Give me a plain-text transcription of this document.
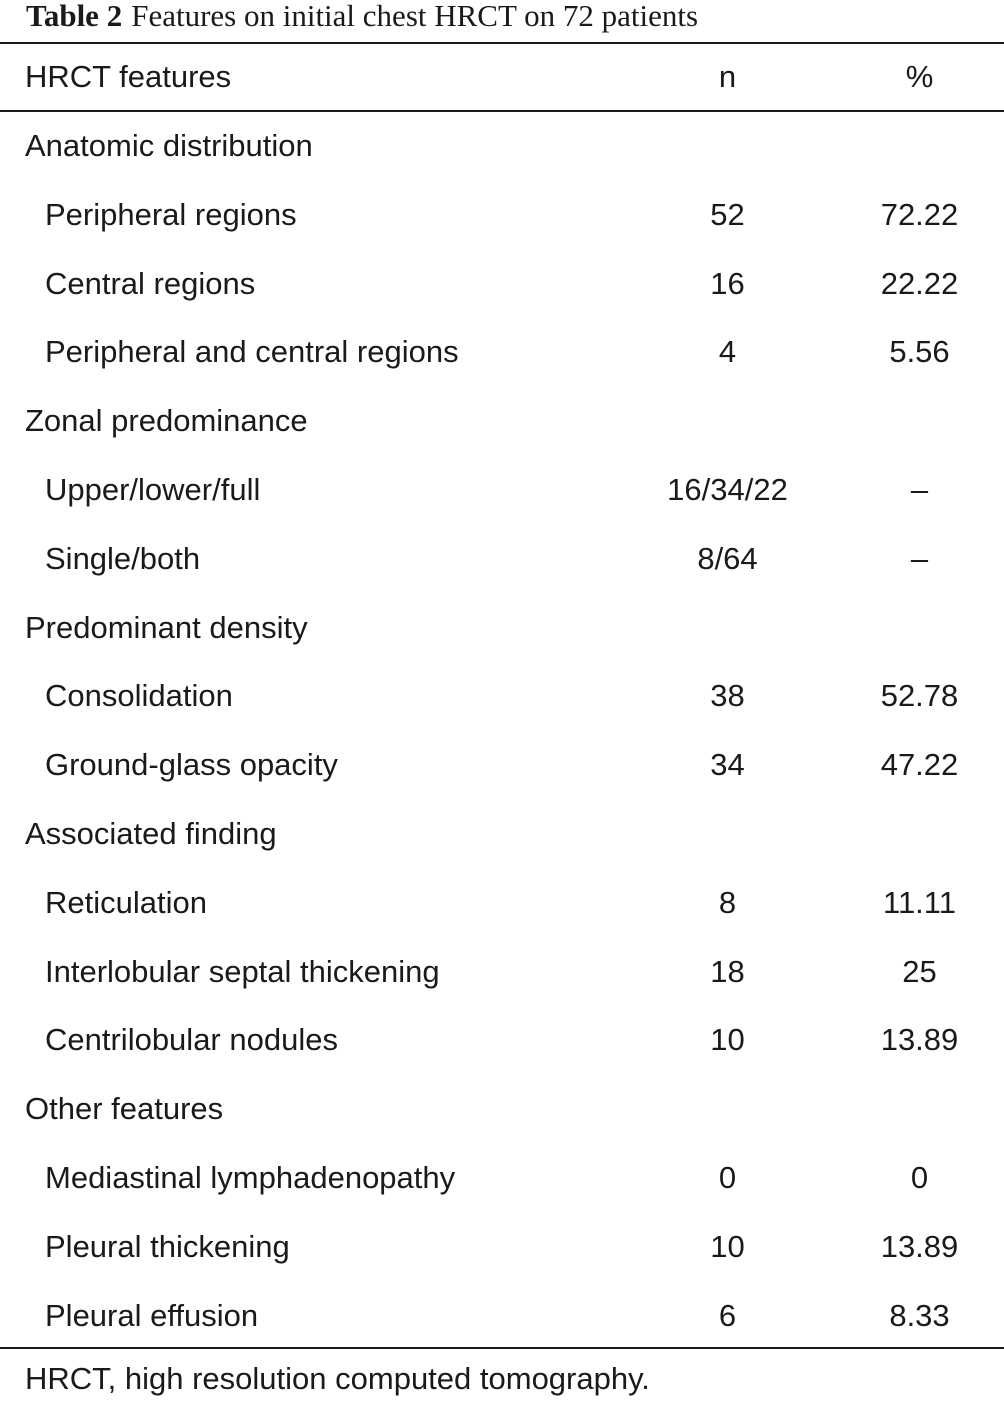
Table 2 Features on initial chest HRCT on 72 patients
HRCT features	n	%
Anatomic distribution
Peripheral regions	52	72.22
Central regions	16	22.22
Peripheral and central regions	4	5.56
Zonal predominance
Upper/lower/full	16/34/22	–
Single/both	8/64	–
Predominant density
Consolidation	38	52.78
Ground-glass opacity	34	47.22
Associated finding
Reticulation	8	11.11
Interlobular septal thickening	18	25
Centrilobular nodules	10	13.89
Other features
Mediastinal lymphadenopathy	0	0
Pleural thickening	10	13.89
Pleural effusion	6	8.33
HRCT, high resolution computed tomography.
